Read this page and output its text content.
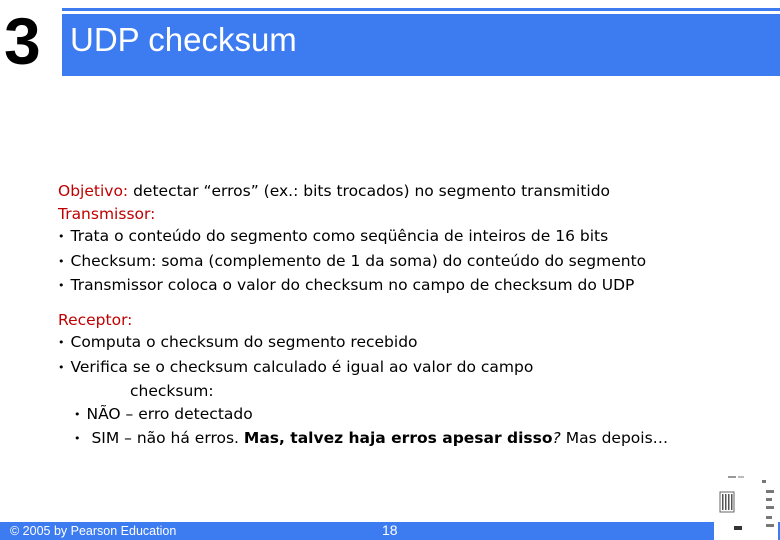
3 UDP checksum
Objetivo: detectar “erros” (ex.: bits trocados) no segmento transmitido
Transmissor:
• Trata o conteúdo do segmento como seqüência de inteiros de 16 bits
• Checksum: soma (complemento de 1 da soma) do conteúdo do segmento
• Transmissor coloca o valor do checksum no campo de checksum do UDP
Receptor:
• Computa o checksum do segmento recebido
• Verifica se o checksum calculado é igual ao valor do campo
checksum:
• NÃO – erro detectado
• SIM – não há erros. Mas, talvez haja erros apesar disso? Mas depois…
© 2005 by Pearson Education	18
